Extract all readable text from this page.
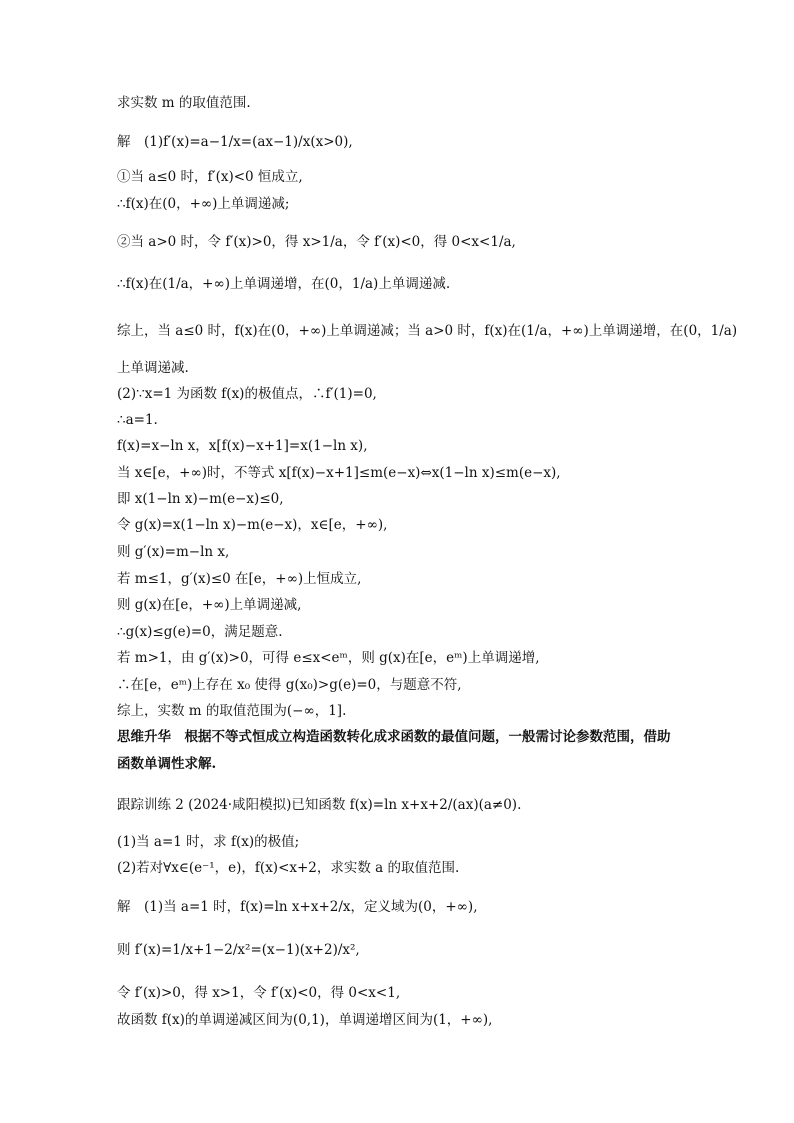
求实数 m 的取值范围.
解　(1)f′(x)=a−1/x=(ax−1)/x(x>0),
①当 a≤0 时，f′(x)<0 恒成立,
∴f(x)在(0，+∞)上单调递减;
②当 a>0 时，令 f′(x)>0，得 x>1/a，令 f′(x)<0，得 0<x<1/a,
∴f(x)在(1/a，+∞)上单调递增，在(0，1/a)上单调递减.
综上，当 a≤0 时，f(x)在(0，+∞)上单调递减；当 a>0 时，f(x)在(1/a，+∞)上单调递增，在(0，1/a)
上单调递减.
(2)∵x=1 为函数 f(x)的极值点，∴f′(1)=0,
∴a=1.
f(x)=x−ln x，x[f(x)−x+1]=x(1−ln x),
当 x∈[e，+∞)时，不等式 x[f(x)−x+1]≤m(e−x)⇔x(1−ln x)≤m(e−x),
即 x(1−ln x)−m(e−x)≤0,
令 g(x)=x(1−ln x)−m(e−x)，x∈[e，+∞),
则 g′(x)=m−ln x,
若 m≤1，g′(x)≤0 在[e，+∞)上恒成立,
则 g(x)在[e，+∞)上单调递减,
∴g(x)≤g(e)=0，满足题意.
若 m>1，由 g′(x)>0，可得 e≤x<eᵐ，则 g(x)在[e，eᵐ)上单调递增,
∴在[e，eᵐ)上存在 x₀ 使得 g(x₀)>g(e)=0，与题意不符,
综上，实数 m 的取值范围为(−∞，1].
思维升华　根据不等式恒成立构造函数转化成求函数的最值问题，一般需讨论参数范围，借助
函数单调性求解.
跟踪训练 2 (2024·咸阳模拟)已知函数 f(x)=ln x+x+2/(ax)(a≠0).
(1)当 a=1 时，求 f(x)的极值;
(2)若对∀x∈(e⁻¹，e)，f(x)<x+2，求实数 a 的取值范围.
解　(1)当 a=1 时，f(x)=ln x+x+2/x，定义域为(0，+∞),
则 f′(x)=1/x+1−2/x²=(x−1)(x+2)/x²,
令 f′(x)>0，得 x>1，令 f′(x)<0，得 0<x<1,
故函数 f(x)的单调递减区间为(0,1)，单调递增区间为(1，+∞),
